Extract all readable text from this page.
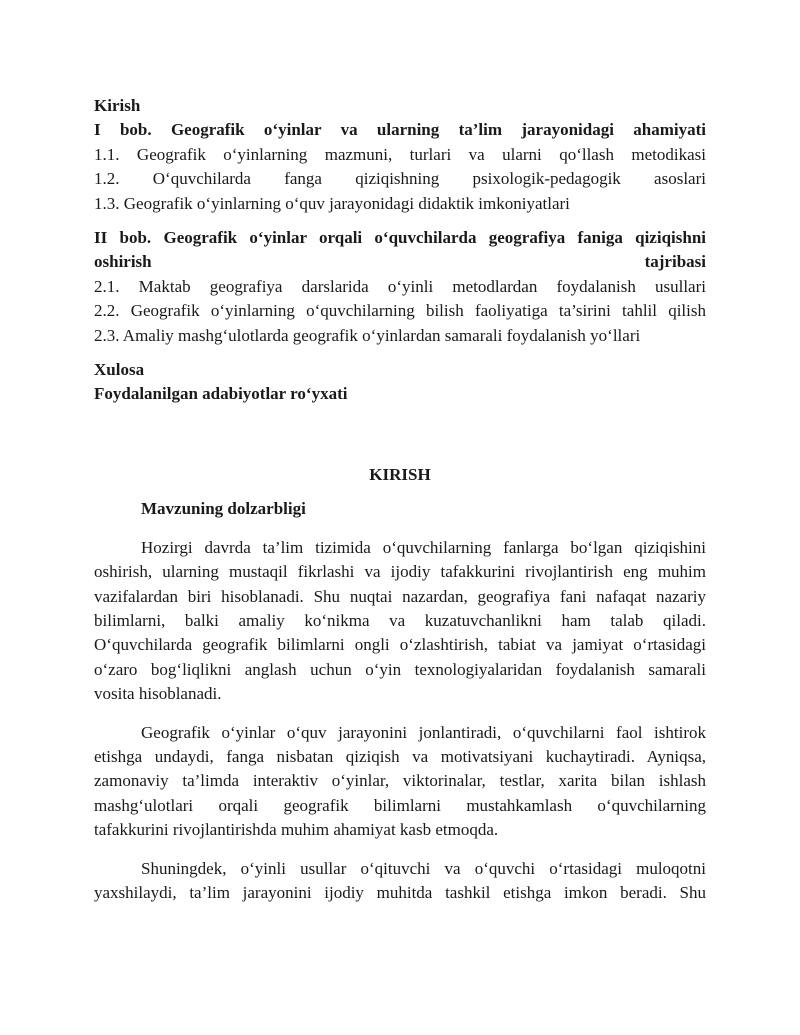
Kirish
I bob. Geografik o‘yinlar va ularning ta’lim jarayonidagi ahamiyati
1.1. Geografik o‘yinlarning mazmuni, turlari va ularni qo‘llash metodikasi
1.2. O‘quvchilarda fanga qiziqishning psixologik-pedagogik asoslari
1.3. Geografik o‘yinlarning o‘quv jarayonidagi didaktik imkoniyatlari
II bob. Geografik o‘yinlar orqali o‘quvchilarda geografiya faniga qiziqishni
oshirish	tajribasi
2.1. Maktab geografiya darslarida o‘yinli metodlardan foydalanish usullari
2.2. Geografik o‘yinlarning o‘quvchilarning bilish faoliyatiga ta’sirini tahlil qilish
2.3. Amaliy mashg‘ulotlarda geografik o‘yinlardan samarali foydalanish yo‘llari
Xulosa
Foydalanilgan adabiyotlar ro‘yxati
KIRISH
Mavzuning dolzarbligi
Hozirgi davrda ta’lim tizimida o‘quvchilarning fanlarga bo‘lgan qiziqishini
oshirish, ularning mustaqil fikrlashi va ijodiy tafakkurini rivojlantirish eng muhim
vazifalardan biri hisoblanadi. Shu nuqtai nazardan, geografiya fani nafaqat nazariy
bilimlarni, balki amaliy ko‘nikma va kuzatuvchanlikni ham talab qiladi.
O‘quvchilarda geografik bilimlarni ongli o‘zlashtirish, tabiat va jamiyat o‘rtasidagi
o‘zaro bog‘liqlikni anglash uchun o‘yin texnologiyalaridan foydalanish samarali
vosita hisoblanadi.
Geografik o‘yinlar o‘quv jarayonini jonlantiradi, o‘quvchilarni faol ishtirok
etishga undaydi, fanga nisbatan qiziqish va motivatsiyani kuchaytiradi. Ayniqsa,
zamonaviy ta’limda interaktiv o‘yinlar, viktorinalar, testlar, xarita bilan ishlash
mashg‘ulotlari orqali geografik bilimlarni mustahkamlash o‘quvchilarning
tafakkurini rivojlantirishda muhim ahamiyat kasb etmoqda.
Shuningdek, o‘yinli usullar o‘qituvchi va o‘quvchi o‘rtasidagi muloqotni
yaxshilaydi, ta’lim jarayonini ijodiy muhitda tashkil etishga imkon beradi. Shu
